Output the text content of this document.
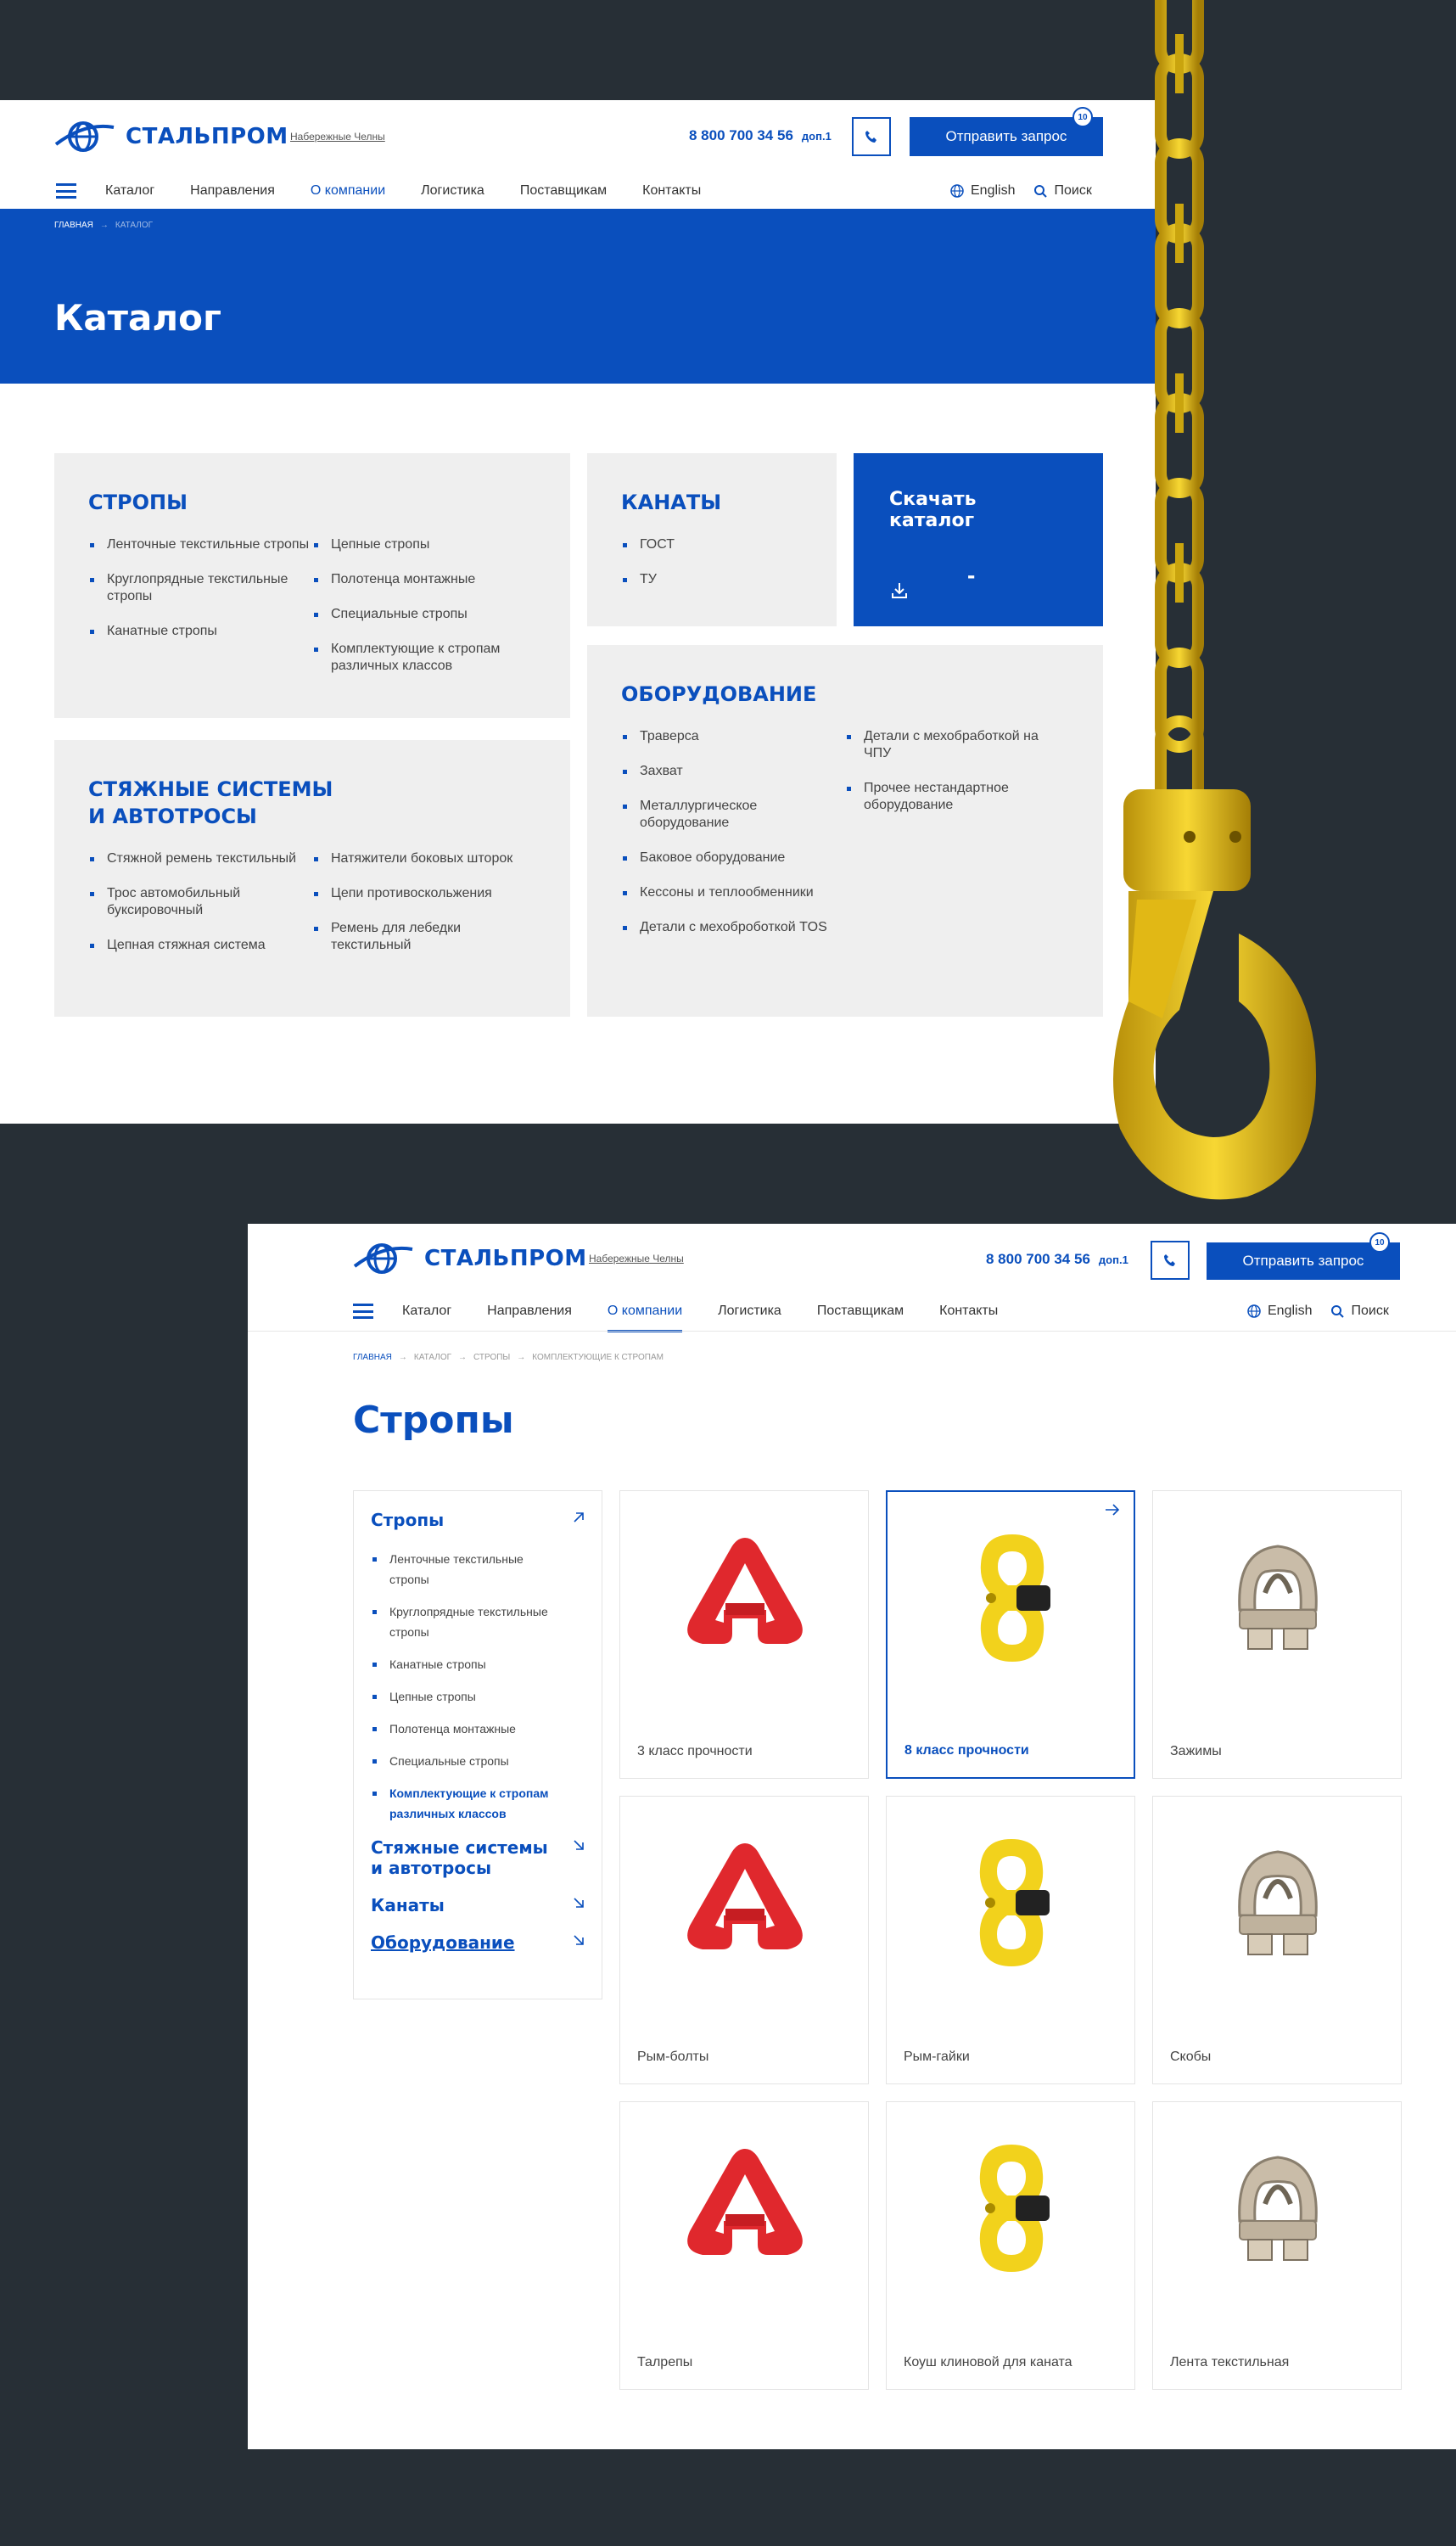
СТАЛЬПРОМ Набережные Челны	8 800 700 34 56 доп.1	Отправить запрос
10
Каталог	Направления	О компании	Логистика	Поставщикам	Контакты	English	Поиск
ГЛАВНАЯ → КАТАЛОГ
Каталог
СТРОПЫ
Ленточные текстильные стропы
Круглопрядные текстильные стропы
Канатные стропы
Цепные стропы
Полотенца монтажные
Специальные стропы
Комплектующие к стропам различных классов
КАНАТЫ
ГОСТ
ТУ
Скачать каталог
-
СТЯЖНЫЕ СИСТЕМЫ
И АВТОТРОСЫ
Стяжной ремень текстильный
Трос автомобильный буксировочный
Цепная стяжная система
Натяжители боковых шторок
Цепи противоскольжения
Ремень для лебедки текстильный
ОБОРУДОВАНИЕ
Траверса
Захват
Металлургическое оборудование
Баковое оборудование
Кессоны и теплообменники
Детали с мехоброботкой TOS
Детали с мехобработкой на ЧПУ
Прочее нестандартное оборудование
СТАЛЬПРОМ Набережные Челны	8 800 700 34 56 доп.1	Отправить запрос
10
Каталог	Направления	О компании	Логистика	Поставщикам	Контакты	English	Поиск
ГЛАВНАЯ → КАТАЛОГ → СТРОПЫ → КОМПЛЕКТУЮЩИЕ К СТРОПАМ
Стропы
Стропы
Ленточные текстильные стропы
Круглопрядные текстильные стропы
Канатные стропы
Цепные стропы
Полотенца монтажные
Специальные стропы
Комплектующие к стропам различных классов
Стяжные системы
и автотросы
Канаты
Оборудование
3 класс прочности	8 класс прочности	Зажимы
Рым-болты	Рым-гайки	Скобы
Талрепы	Коуш клиновой для каната	Лента текстильная
